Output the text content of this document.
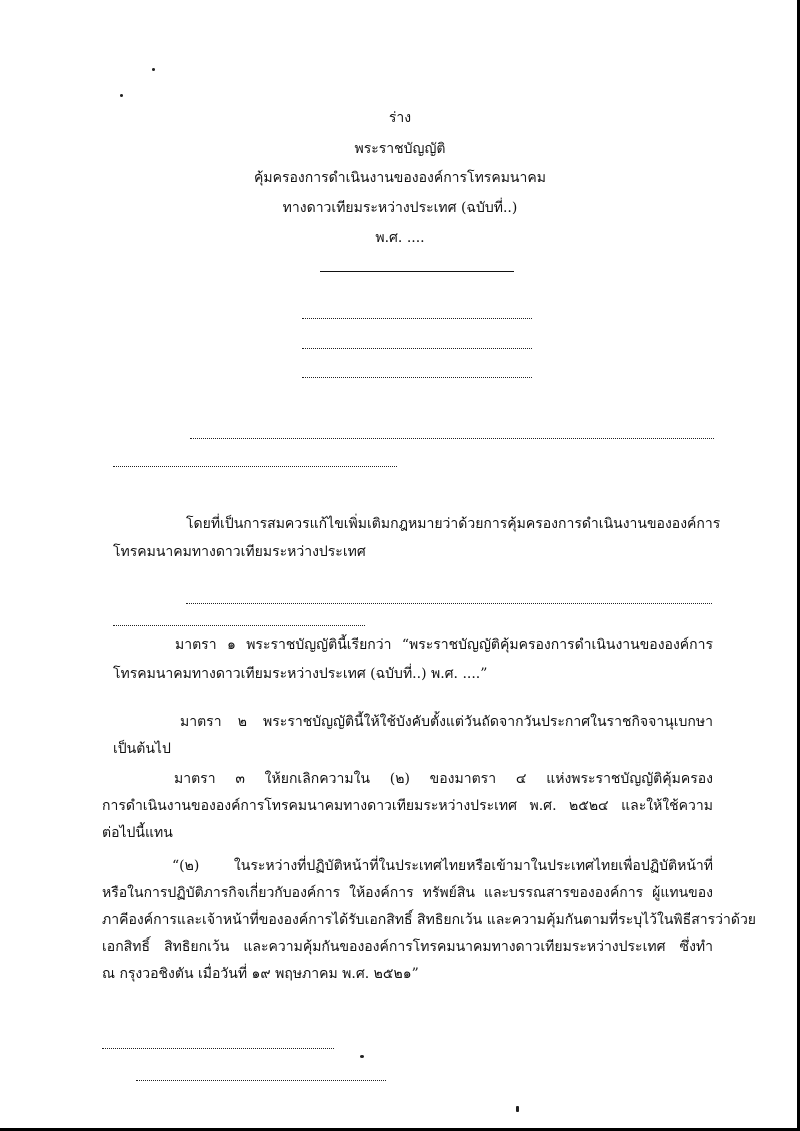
ร่าง
พระราชบัญญัติ
คุ้มครองการดำเนินงานขององค์การโทรคมนาคม
ทางดาวเทียมระหว่างประเทศ (ฉบับที่..)
พ.ศ. ....
โดยที่เป็นการสมควรแก้ไขเพิ่มเติมกฎหมายว่าด้วยการคุ้มครองการดำเนินงานขององค์การ
โทรคมนาคมทางดาวเทียมระหว่างประเทศ
มาตรา ๑ พระราชบัญญัตินี้เรียกว่า “พระราชบัญญัติคุ้มครองการดำเนินงานขององค์การ
โทรคมนาคมทางดาวเทียมระหว่างประเทศ (ฉบับที่..) พ.ศ. ....”
มาตรา ๒ พระราชบัญญัตินี้ให้ใช้บังคับตั้งแต่วันถัดจากวันประกาศในราชกิจจานุเบกษา
เป็นต้นไป
มาตรา ๓ ให้ยกเลิกความใน (๒) ของมาตรา ๔ แห่งพระราชบัญญัติคุ้มครอง
การดำเนินงานขององค์การโทรคมนาคมทางดาวเทียมระหว่างประเทศ พ.ศ. ๒๕๒๔ และให้ใช้ความ
ต่อไปนี้แทน
“(๒) ในระหว่างที่ปฏิบัติหน้าที่ในประเทศไทยหรือเข้ามาในประเทศไทยเพื่อปฏิบัติหน้าที่
หรือในการปฏิบัติภารกิจเกี่ยวกับองค์การ ให้องค์การ ทรัพย์สิน และบรรณสารขององค์การ ผู้แทนของ
ภาคีองค์การและเจ้าหน้าที่ขององค์การได้รับเอกสิทธิ์ สิทธิยกเว้น และความคุ้มกันตามที่ระบุไว้ในพิธีสารว่าด้วย
เอกสิทธิ์ สิทธิยกเว้น และความคุ้มกันขององค์การโทรคมนาคมทางดาวเทียมระหว่างประเทศ ซึ่งทำ
ณ กรุงวอชิงตัน เมื่อวันที่ ๑๙ พฤษภาคม พ.ศ. ๒๕๒๑”
